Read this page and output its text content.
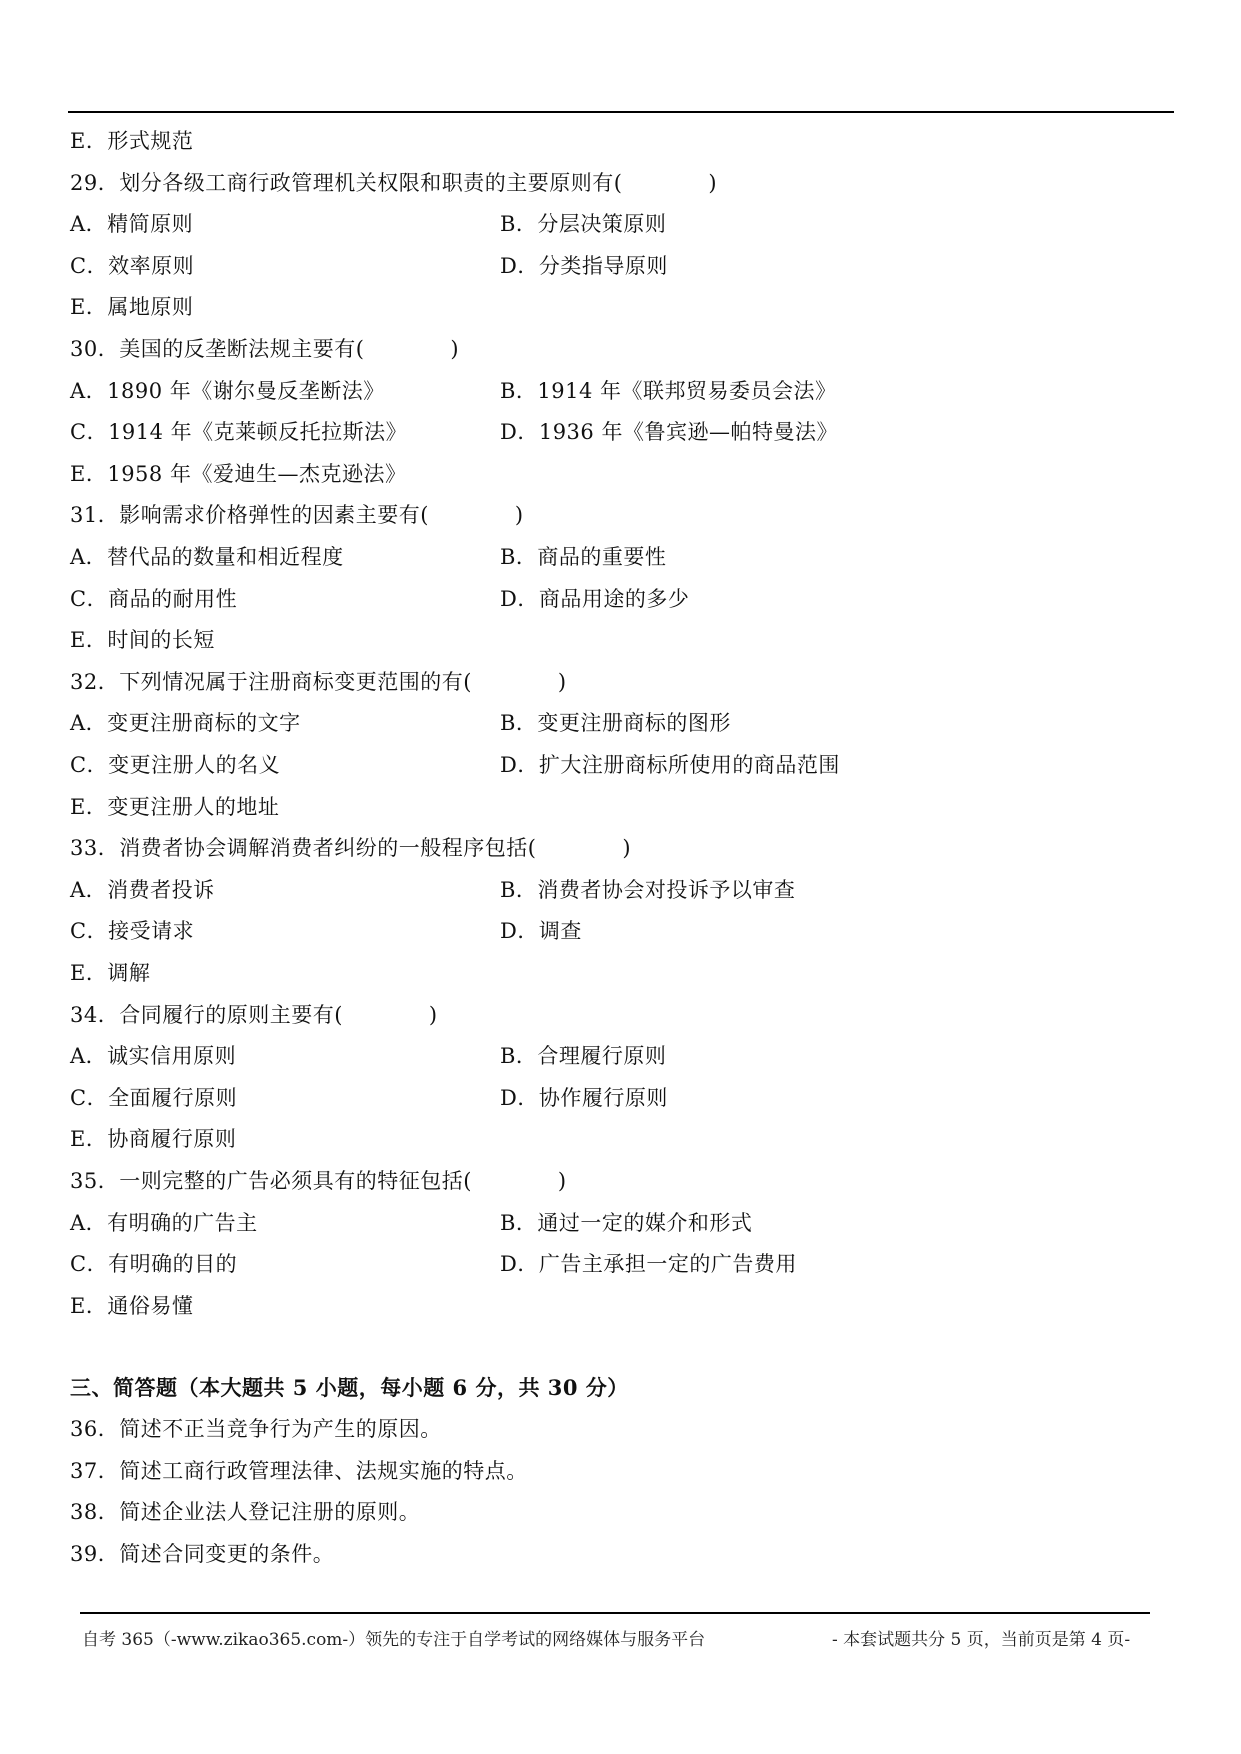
E．形式规范
29．划分各级工商行政管理机关权限和职责的主要原则有(　　　　)
A．精简原则	B．分层决策原则
C．效率原则	D．分类指导原则
E．属地原则
30．美国的反垄断法规主要有(　　　　)
A．1890 年《谢尔曼反垄断法》	B．1914 年《联邦贸易委员会法》
C．1914 年《克莱顿反托拉斯法》	D．1936 年《鲁宾逊—帕特曼法》
E．1958 年《爱迪生—杰克逊法》
31．影响需求价格弹性的因素主要有(　　　　)
A．替代品的数量和相近程度	B．商品的重要性
C．商品的耐用性	D．商品用途的多少
E．时间的长短
32．下列情况属于注册商标变更范围的有(　　　　)
A．变更注册商标的文字	B．变更注册商标的图形
C．变更注册人的名义	D．扩大注册商标所使用的商品范围
E．变更注册人的地址
33．消费者协会调解消费者纠纷的一般程序包括(　　　　)
A．消费者投诉	B．消费者协会对投诉予以审查
C．接受请求	D．调查
E．调解
34．合同履行的原则主要有(　　　　)
A．诚实信用原则	B．合理履行原则
C．全面履行原则	D．协作履行原则
E．协商履行原则
35．一则完整的广告必须具有的特征包括(　　　　)
A．有明确的广告主	B．通过一定的媒介和形式
C．有明确的目的	D．广告主承担一定的广告费用
E．通俗易懂
三、简答题（本大题共 5 小题，每小题 6 分，共 30 分）
36．简述不正当竞争行为产生的原因。
37．简述工商行政管理法律、法规实施的特点。
38．简述企业法人登记注册的原则。
39．简述合同变更的条件。
自考 365（-www.zikao365.com-）领先的专注于自学考试的网络媒体与服务平台	- 本套试题共分 5 页，当前页是第 4 页-
